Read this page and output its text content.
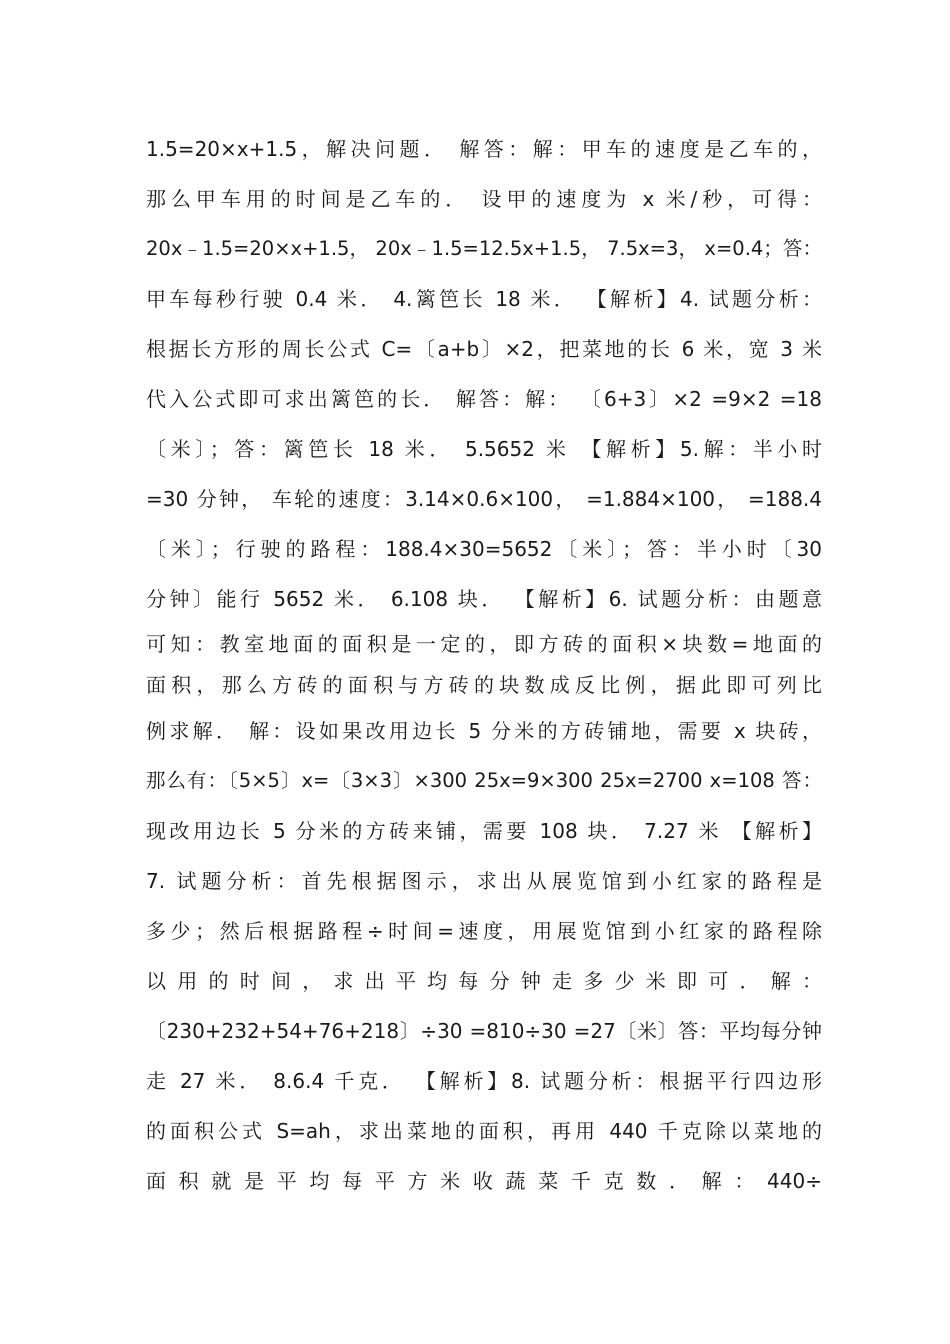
1.5=20×x+1.5，解决问题． 解答：解：甲车的速度是乙车的，
那么甲车用的时间是乙车的． 设甲的速度为 x 米/秒，可得：
20x﹣1.5=20×x+1.5， 20x﹣1.5=12.5x+1.5， 7.5x=3， x=0.4；答：
甲车每秒行驶 0.4 米． 4.篱笆长 18 米． 【解析】4. 试题分析：
根据长方形的周长公式 C=〔a+b〕×2，把菜地的长 6 米，宽 3 米
代入公式即可求出篱笆的长． 解答：解： 〔6+3〕×2 =9×2 =18
〔米〕；答：篱笆长 18 米． 5.5652 米 【解析】5.解：半小时
=30 分钟， 车轮的速度：3.14×0.6×100， =1.884×100， =188.4
〔米〕；行驶的路程：188.4×30=5652〔米〕；答：半小时〔30
分钟〕能行 5652 米． 6.108 块． 【解析】6. 试题分析：由题意
可知：教室地面的面积是一定的，即方砖的面积×块数=地面的
面积，那么方砖的面积与方砖的块数成反比例，据此即可列比
例求解． 解：设如果改用边长 5 分米的方砖铺地，需要 x 块砖，
那么有：〔5×5〕x=〔3×3〕×300 25x=9×300 25x=2700 x=108 答：
现改用边长 5 分米的方砖来铺，需要 108 块． 7.27 米 【解析】
7. 试题分析：首先根据图示，求出从展览馆到小红家的路程是
多少；然后根据路程÷时间=速度，用展览馆到小红家的路程除
以 用 的 时 间 ， 求 出 平 均 每 分 钟 走 多 少 米 即 可 ． 解 ：
〔230+232+54+76+218〕÷30 =810÷30 =27〔米〕答：平均每分钟
走 27 米． 8.6.4 千克． 【解析】8. 试题分析：根据平行四边形
的面积公式 S=ah，求出菜地的面积，再用 440 千克除以菜地的
面 积 就 是 平 均 每 平 方 米 收 蔬 菜 千 克 数 ． 解 ： 440÷
